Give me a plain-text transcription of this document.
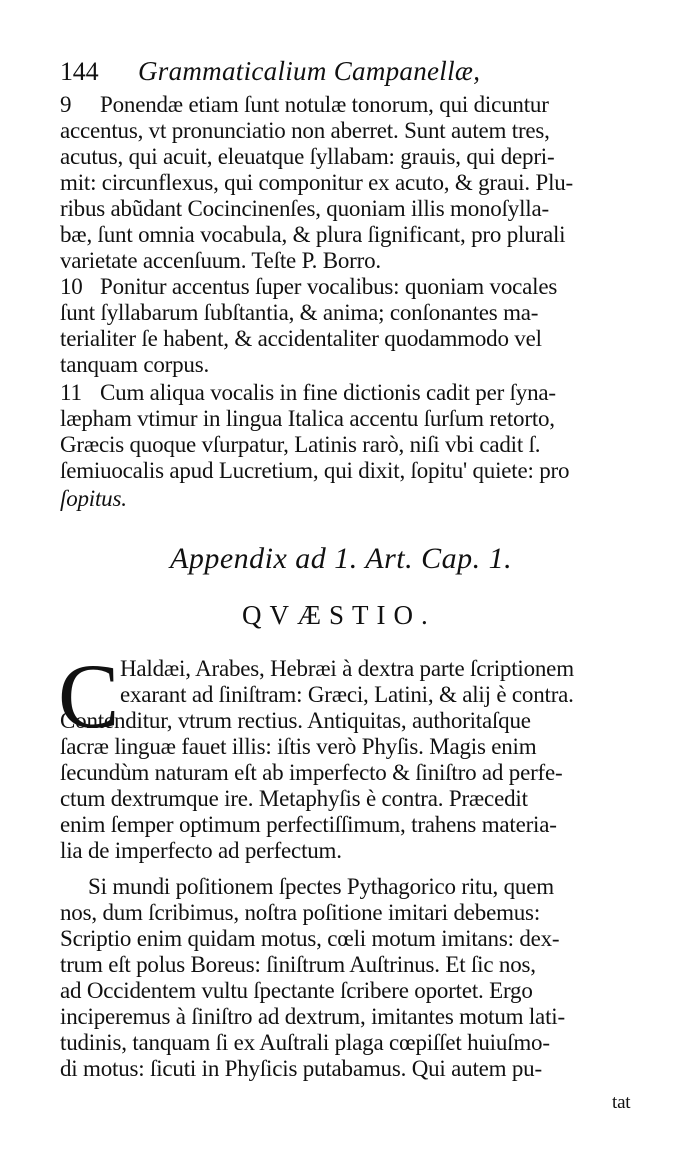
144 Grammaticalium Campanellæ,
9 Ponendæ etiam ſunt notulæ tonorum, qui dicuntur
accentus, vt pronunciatio non aberret. Sunt autem tres,
acutus, qui acuit, eleuatque ſyllabam: grauis, qui depri-
mit: circunflexus, qui componitur ex acuto, & graui. Plu-
ribus abũdant Cocincinenſes, quoniam illis monoſylla-
bæ, ſunt omnia vocabula, & plura ſignificant, pro plurali
varietate accenſuum. Teſte P. Borro.
10 Ponitur accentus ſuper vocalibus: quoniam vocales
ſunt ſyllabarum ſubſtantia, & anima; conſonantes ma-
terialiter ſe habent, & accidentaliter quodammodo vel
tanquam corpus.
11 Cum aliqua vocalis in fine dictionis cadit per ſyna-
læpham vtimur in lingua Italica accentu ſurſum retorto,
Græcis quoque vſurpatur, Latinis rarò, niſi vbi cadit ſ.
ſemiuocalis apud Lucretium, qui dixit, ſopitu' quiete: pro
ſopitus.
Appendix ad 1. Art. Cap. 1.
QVÆSTIO.
C Haldæi, Arabes, Hebræi à dextra parte ſcriptionem
exarant ad ſiniſtram: Græci, Latini, & alij è contra.
Contenditur, vtrum rectius. Antiquitas, authoritaſque
ſacræ linguæ fauet illis: iſtis verò Phyſis. Magis enim
ſecundùm naturam eſt ab imperfecto & ſiniſtro ad perfe-
ctum dextrumque ire. Metaphyſis è contra. Præcedit
enim ſemper optimum perfectiſſimum, trahens materia-
lia de imperfecto ad perfectum.
Si mundi poſitionem ſpectes Pythagorico ritu, quem
nos, dum ſcribimus, noſtra poſitione imitari debemus:
Scriptio enim quidam motus, cœli motum imitans: dex-
trum eſt polus Boreus: ſiniſtrum Auſtrinus. Et ſic nos,
ad Occidentem vultu ſpectante ſcribere oportet. Ergo
inciperemus à ſiniſtro ad dextrum, imitantes motum lati-
tudinis, tanquam ſi ex Auſtrali plaga cœpiſſet huiuſmo-
di motus: ſicuti in Phyſicis putabamus. Qui autem pu-
tat
